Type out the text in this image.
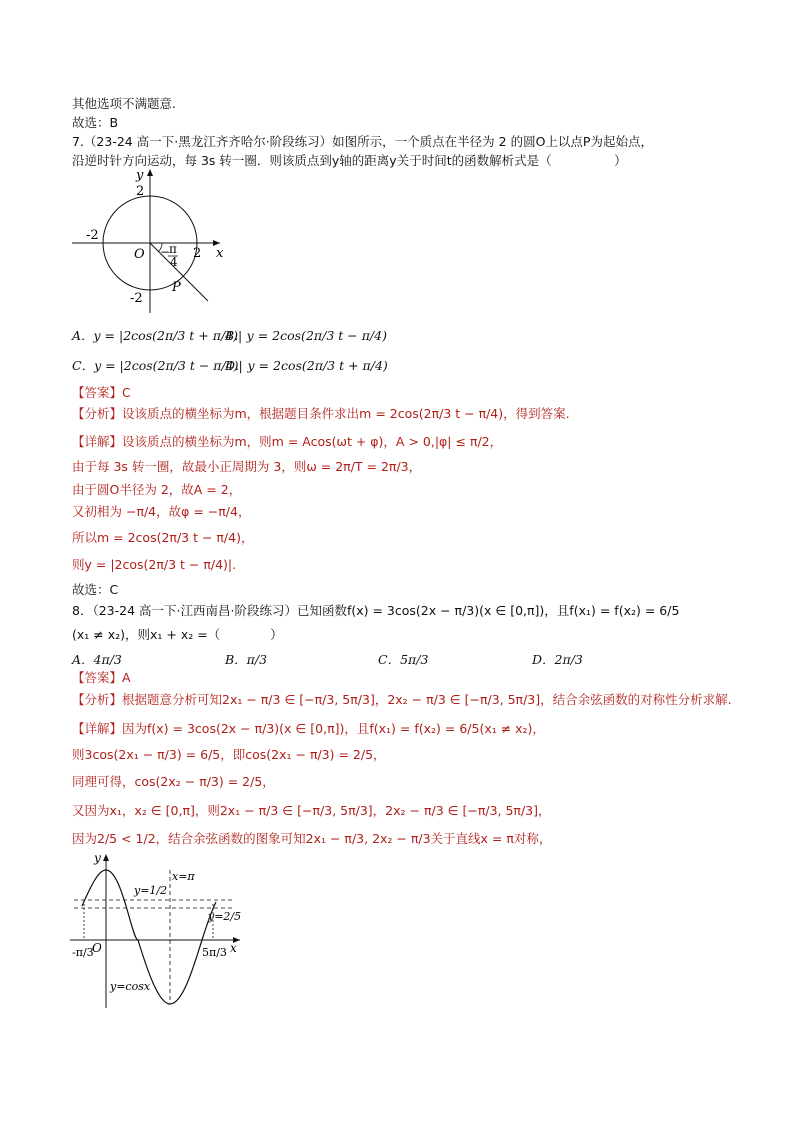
其他选项不满题意.
故选：B
7.（23-24 高一下·黑龙江齐齐哈尔·阶段练习）如图所示，一个质点在半径为 2 的圆O上以点P为起始点，
沿逆时针方向运动，每 3s 转一圈．则该质点到y轴的距离y关于时间t的函数解析式是（　　　　　）
y
x
O
2
-2
2
-2
−
π
4
P
A．y = |2cos(2π/3 t + π/4)|
B．y = 2cos(2π/3 t − π/4)
C．y = |2cos(2π/3 t − π/4)|
D．y = 2cos(2π/3 t + π/4)
【答案】C
【分析】设该质点的横坐标为m，根据题目条件求出m = 2cos(2π/3 t − π/4)，得到答案.
【详解】设该质点的横坐标为m，则m = Acos(ωt + φ)，A > 0,|φ| ≤ π/2，
由于每 3s 转一圈，故最小正周期为 3，则ω = 2π/T = 2π/3，
由于圆O半径为 2，故A = 2，
又初相为 −π/4，故φ = −π/4，
所以m = 2cos(2π/3 t − π/4)，
则y = |2cos(2π/3 t − π/4)|.
故选：C
8．（23-24 高一下·江西南昌·阶段练习）已知函数f(x) = 3cos(2x − π/3)(x ∈ [0,π])，且f(x₁) = f(x₂) = 6/5
(x₁ ≠ x₂)，则x₁ + x₂ =（　　　　）
A．4π/3	B．π/3	C．5π/3	D．2π/3
【答案】A
【分析】根据题意分析可知2x₁ − π/3 ∈ [−π/3, 5π/3]，2x₂ − π/3 ∈ [−π/3, 5π/3]，结合余弦函数的对称性分析求解.
【详解】因为f(x) = 3cos(2x − π/3)(x ∈ [0,π])，且f(x₁) = f(x₂) = 6/5(x₁ ≠ x₂)，
则3cos(2x₁ − π/3) = 6/5，即cos(2x₁ − π/3) = 2/5，
同理可得，cos(2x₂ − π/3) = 2/5，
又因为x₁，x₂ ∈ [0,π]，则2x₁ − π/3 ∈ [−π/3, 5π/3]，2x₂ − π/3 ∈ [−π/3, 5π/3]，
因为2/5 < 1/2，结合余弦函数的图象可知2x₁ − π/3, 2x₂ − π/3关于直线x = π对称，
y
x
O
y=1/2
y=2/5
x=π
-π/3	5π/3
y=cosx
